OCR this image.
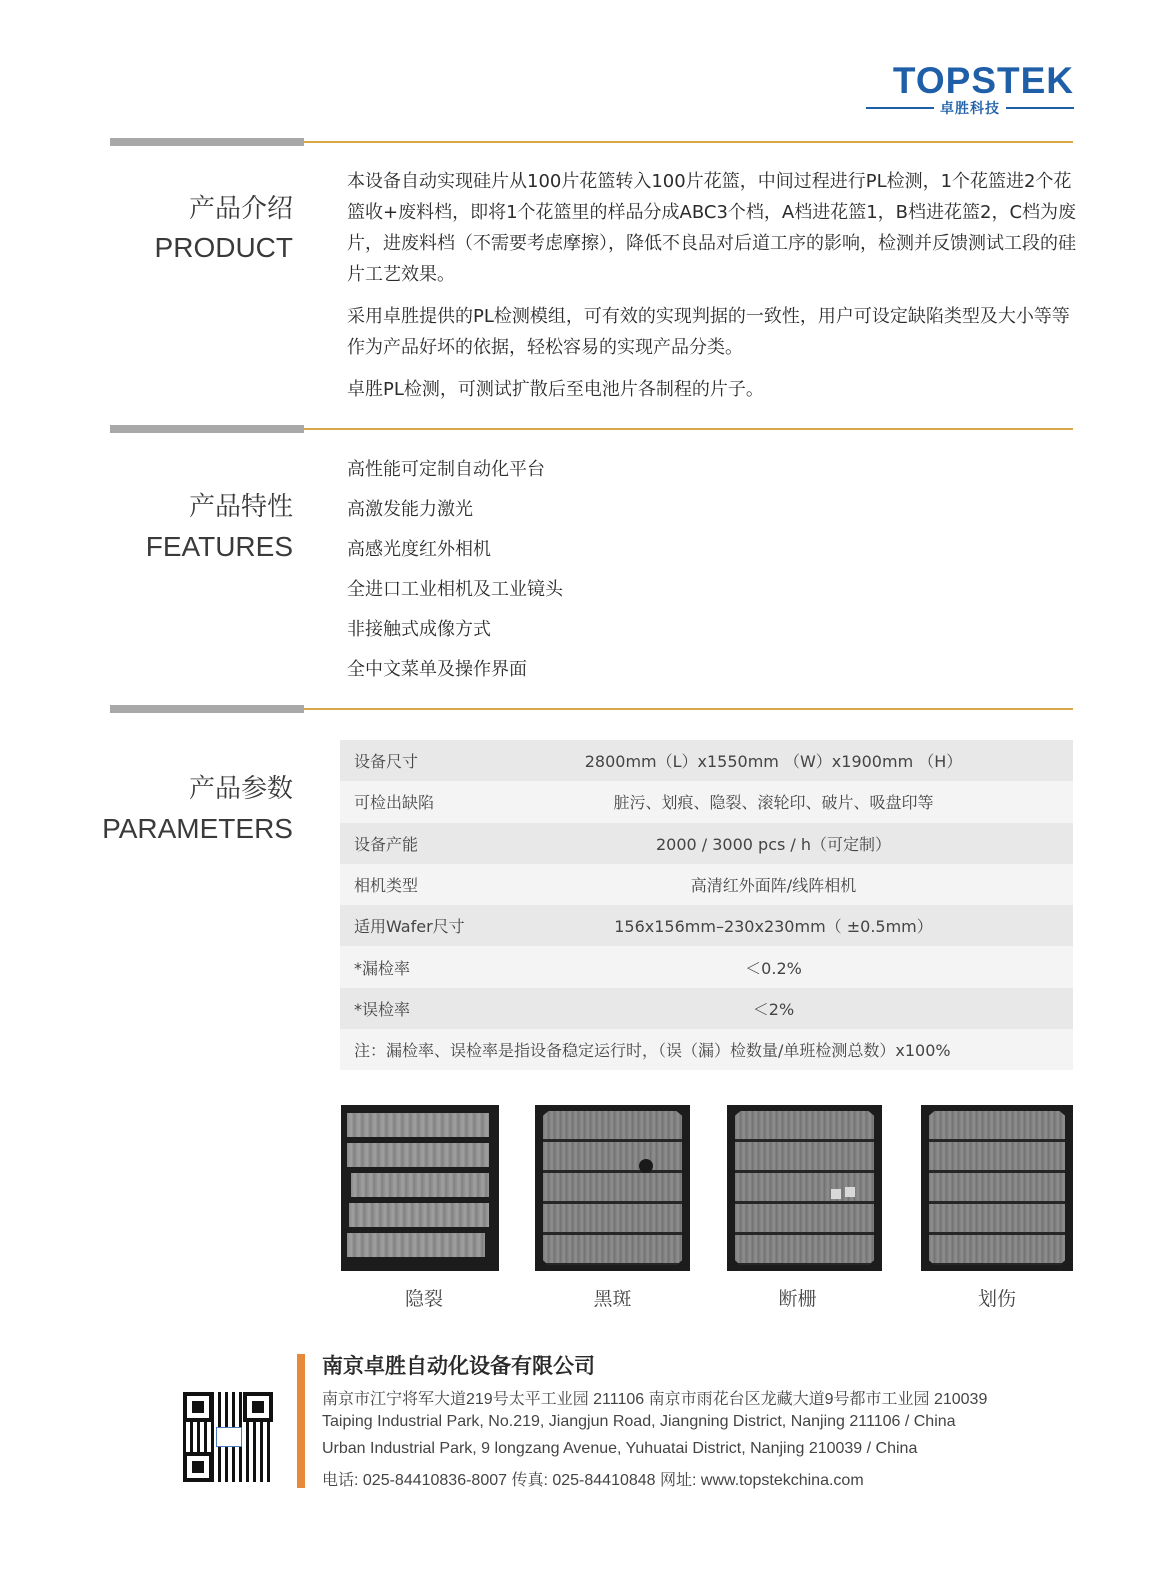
TOPSTEK
卓胜科技
产品介绍
PRODUCT

本设备自动实现硅片从100片花篮转入100片花篮，中间过程进行PL检测，1个花篮进2个花篮收+废料档，即将1个花篮里的样品分成ABC3个档，A档进花篮1，B档进花篮2，C档为废片，进废料档（不需要考虑摩擦），降低不良品对后道工序的影响，检测并反馈测试工段的硅片工艺效果。

采用卓胜提供的PL检测模组，可有效的实现判据的一致性，用户可设定缺陷类型及大小等等作为产品好坏的依据，轻松容易的实现产品分类。

卓胜PL检测，可测试扩散后至电池片各制程的片子。

产品特性
FEATURES
高性能可定制自动化平台
高激发能力激光
高感光度红外相机
全进口工业相机及工业镜头
非接触式成像方式
全中文菜单及操作界面
产品参数
PARAMETERS
设备尺寸	2800mm（L）x1550mm （W）x1900mm （H）
可检出缺陷	脏污、划痕、隐裂、滚轮印、破片、吸盘印等
设备产能	2000 / 3000 pcs / h（可定制）
相机类型	高清红外面阵/线阵相机
适用Wafer尺寸	156x156mm–230x230mm（ ±0.5mm）
*漏检率	＜0.2%
*误检率	＜2%
注：漏检率、误检率是指设备稳定运行时，（误（漏）检数量/单班检测总数）x100%	
隐裂	黑斑	断栅	划伤
南京卓胜自动化设备有限公司
南京市江宁将军大道219号太平工业园 211106 南京市雨花台区龙藏大道9号都市工业园 210039
Taiping Industrial Park, No.219, Jiangjun Road, Jiangning District, Nanjing 211106 / China
Urban Industrial Park, 9 longzang Avenue, Yuhuatai District, Nanjing 210039 / China
电话: 025-84410836-8007 传真: 025-84410848 网址: www.topstekchina.com
